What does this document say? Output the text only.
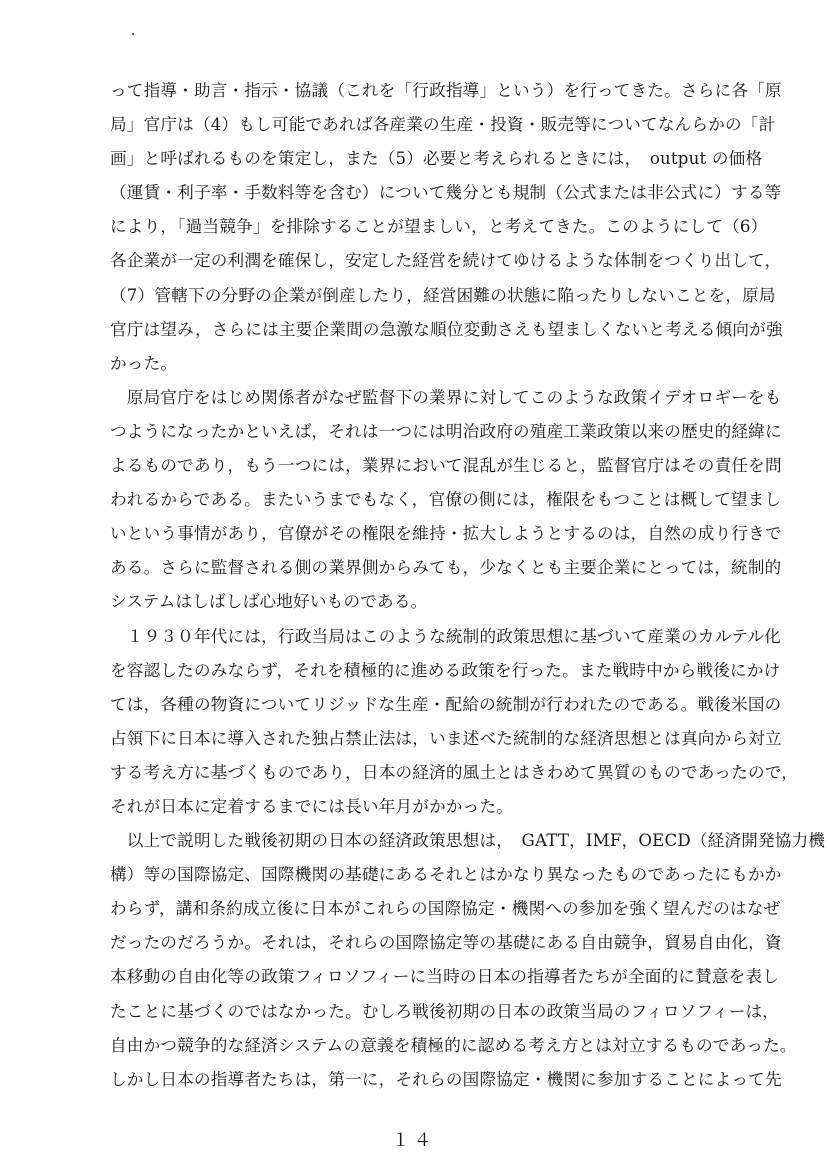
って指導・助言・指示・協議（これを「行政指導」という）を行ってきた。さらに各「原
局」官庁は（4）もし可能であれば各産業の生産・投資・販売等についてなんらかの「計
画」と呼ばれるものを策定し，また（5）必要と考えられるときには，　output の価格
（運賃・利子率・手数料等を含む）について幾分とも規制（公式または非公式に）する等
により，「過当競争」を排除することが望ましい，と考えてきた。このようにして（6）
各企業が一定の利潤を確保し，安定した経営を続けてゆけるような体制をつくり出して，
（7）管轄下の分野の企業が倒産したり，経営困難の状態に陥ったりしないことを，原局
官庁は望み，さらには主要企業間の急激な順位変動さえも望ましくないと考える傾向が強
かった。
　原局官庁をはじめ関係者がなぜ監督下の業界に対してこのような政策イデオロギーをも
つようになったかといえば，それは一つには明治政府の殖産工業政策以来の歴史的経緯に
よるものであり，もう一つには，業界において混乱が生じると，監督官庁はその責任を問
われるからである。またいうまでもなく，官僚の側には，権限をもつことは概して望まし
いという事情があり，官僚がその権限を維持・拡大しようとするのは，自然の成り行きで
ある。さらに監督される側の業界側からみても，少なくとも主要企業にとっては，統制的
システムはしばしば心地好いものである。
　１９３０年代には，行政当局はこのような統制的政策思想に基づいて産業のカルテル化
を容認したのみならず，それを積極的に進める政策を行った。また戦時中から戦後にかけ
ては，各種の物資についてリジッドな生産・配給の統制が行われたのである。戦後米国の
占領下に日本に導入された独占禁止法は，いま述べた統制的な経済思想とは真向から対立
する考え方に基づくものであり，日本の経済的風土とはきわめて異質のものであったので，
それが日本に定着するまでには長い年月がかかった。
　以上で説明した戦後初期の日本の経済政策思想は，　GATT，IMF，OECD（経済開発協力機
構）等の国際協定、国際機関の基礎にあるそれとはかなり異なったものであったにもかか
わらず，講和条約成立後に日本がこれらの国際協定・機関への参加を強く望んだのはなぜ
だったのだろうか。それは，それらの国際協定等の基礎にある自由競争，貿易自由化，資
本移動の自由化等の政策フィロソフィーに当時の日本の指導者たちが全面的に賛意を表し
たことに基づくのではなかった。むしろ戦後初期の日本の政策当局のフィロソフィーは，
自由かつ競争的な経済システムの意義を積極的に認める考え方とは対立するものであった。
しかし日本の指導者たちは，第一に，それらの国際協定・機関に参加することによって先
１４
